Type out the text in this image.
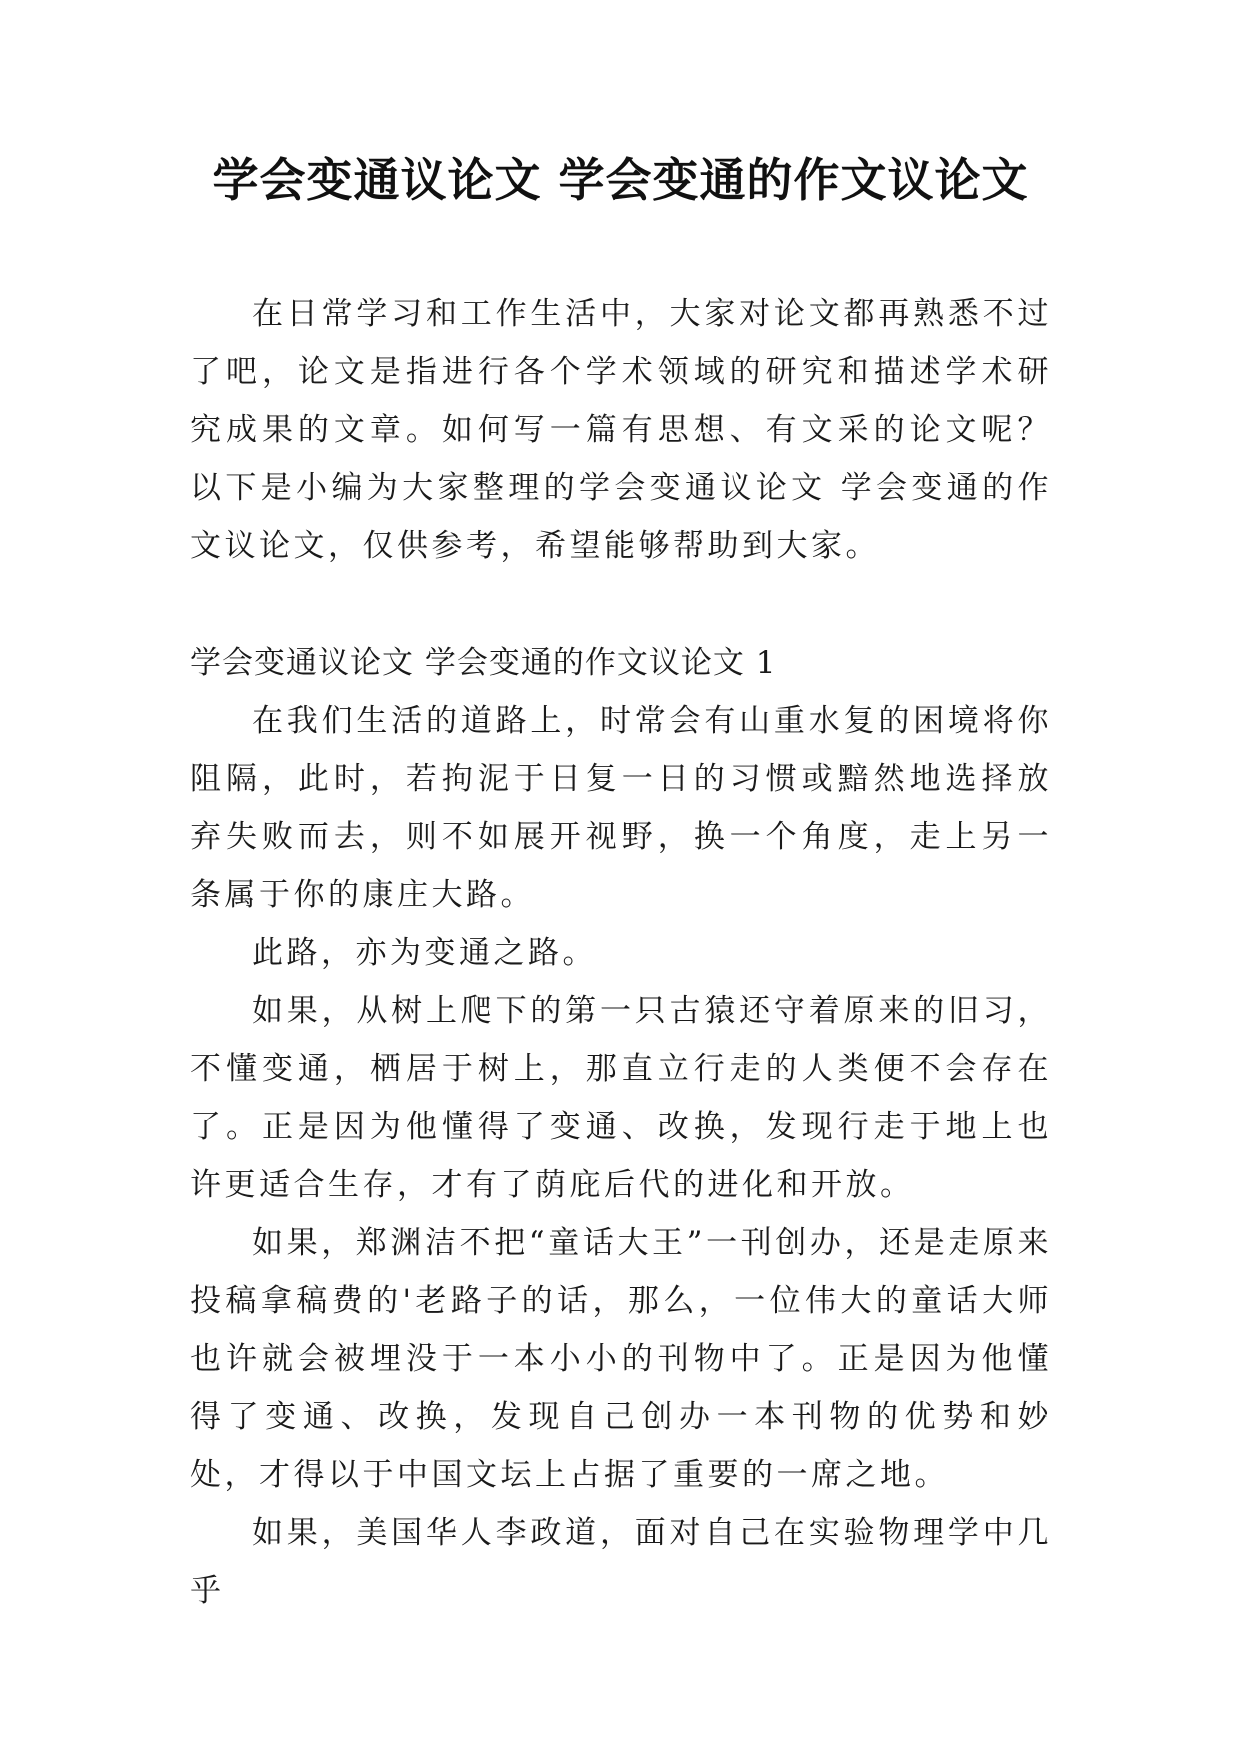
学会变通议论文 学会变通的作文议论文

在日常学习和工作生活中，大家对论文都再熟悉不过了吧，论文是指进行各个学术领域的研究和描述学术研究成果的文章。如何写一篇有思想、有文采的论文呢？以下是小编为大家整理的学会变通议论文 学会变通的作文议论文，仅供参考，希望能够帮助到大家。

学会变通议论文 学会变通的作文议论文 1

在我们生活的道路上，时常会有山重水复的困境将你阻隔，此时，若拘泥于日复一日的习惯或黯然地选择放弃失败而去，则不如展开视野，换一个角度，走上另一条属于你的康庄大路。

此路，亦为变通之路。

如果，从树上爬下的第一只古猿还守着原来的旧习，不懂变通，栖居于树上，那直立行走的人类便不会存在了。正是因为他懂得了变通、改换，发现行走于地上也许更适合生存，才有了荫庇后代的进化和开放。

如果，郑渊洁不把“童话大王”一刊创办，还是走原来投稿拿稿费的'老路子的话，那么，一位伟大的童话大师也许就会被埋没于一本小小的刊物中了。正是因为他懂得了变通、改换，发现自己创办一本刊物的优势和妙处，才得以于中国文坛上占据了重要的一席之地。

如果，美国华人李政道，面对自己在实验物理学中几乎
